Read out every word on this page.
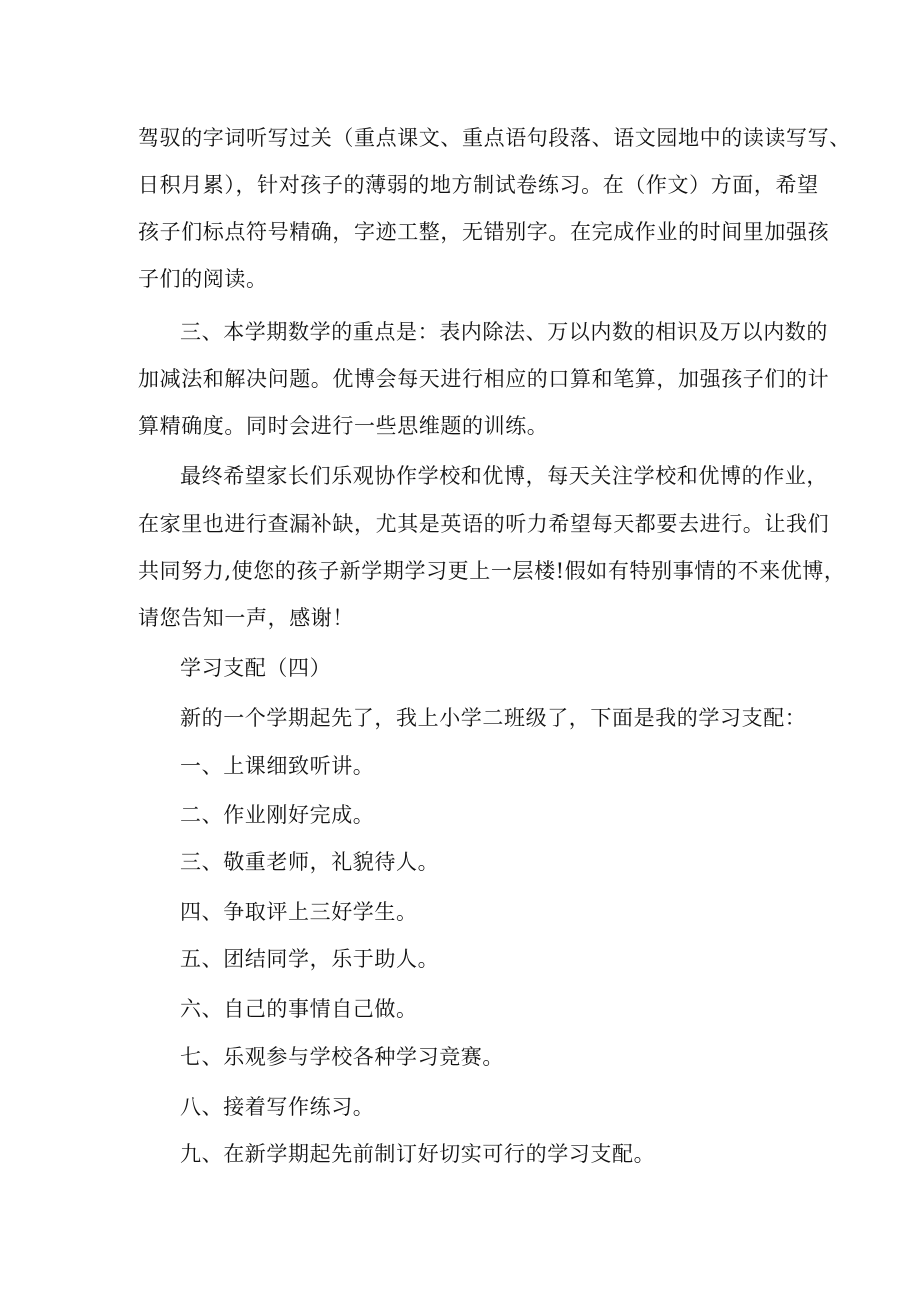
驾驭的字词听写过关（重点课文、重点语句段落、语文园地中的读读写写、
日积月累），针对孩子的薄弱的地方制试卷练习。在（作文）方面，希望
孩子们标点符号精确，字迹工整，无错别字。在完成作业的时间里加强孩
子们的阅读。
三、本学期数学的重点是：表内除法、万以内数的相识及万以内数的
加减法和解决问题。优博会每天进行相应的口算和笔算，加强孩子们的计
算精确度。同时会进行一些思维题的训练。
最终希望家长们乐观协作学校和优博，每天关注学校和优博的作业，
在家里也进行查漏补缺，尤其是英语的听力希望每天都要去进行。让我们
共同努力,使您的孩子新学期学习更上一层楼!假如有特别事情的不来优博，
请您告知一声，感谢！
学习支配（四）
新的一个学期起先了，我上小学二班级了，下面是我的学习支配：
一、上课细致听讲。
二、作业刚好完成。
三、敬重老师，礼貌待人。
四、争取评上三好学生。
五、团结同学，乐于助人。
六、自己的事情自己做。
七、乐观参与学校各种学习竞赛。
八、接着写作练习。
九、在新学期起先前制订好切实可行的学习支配。
